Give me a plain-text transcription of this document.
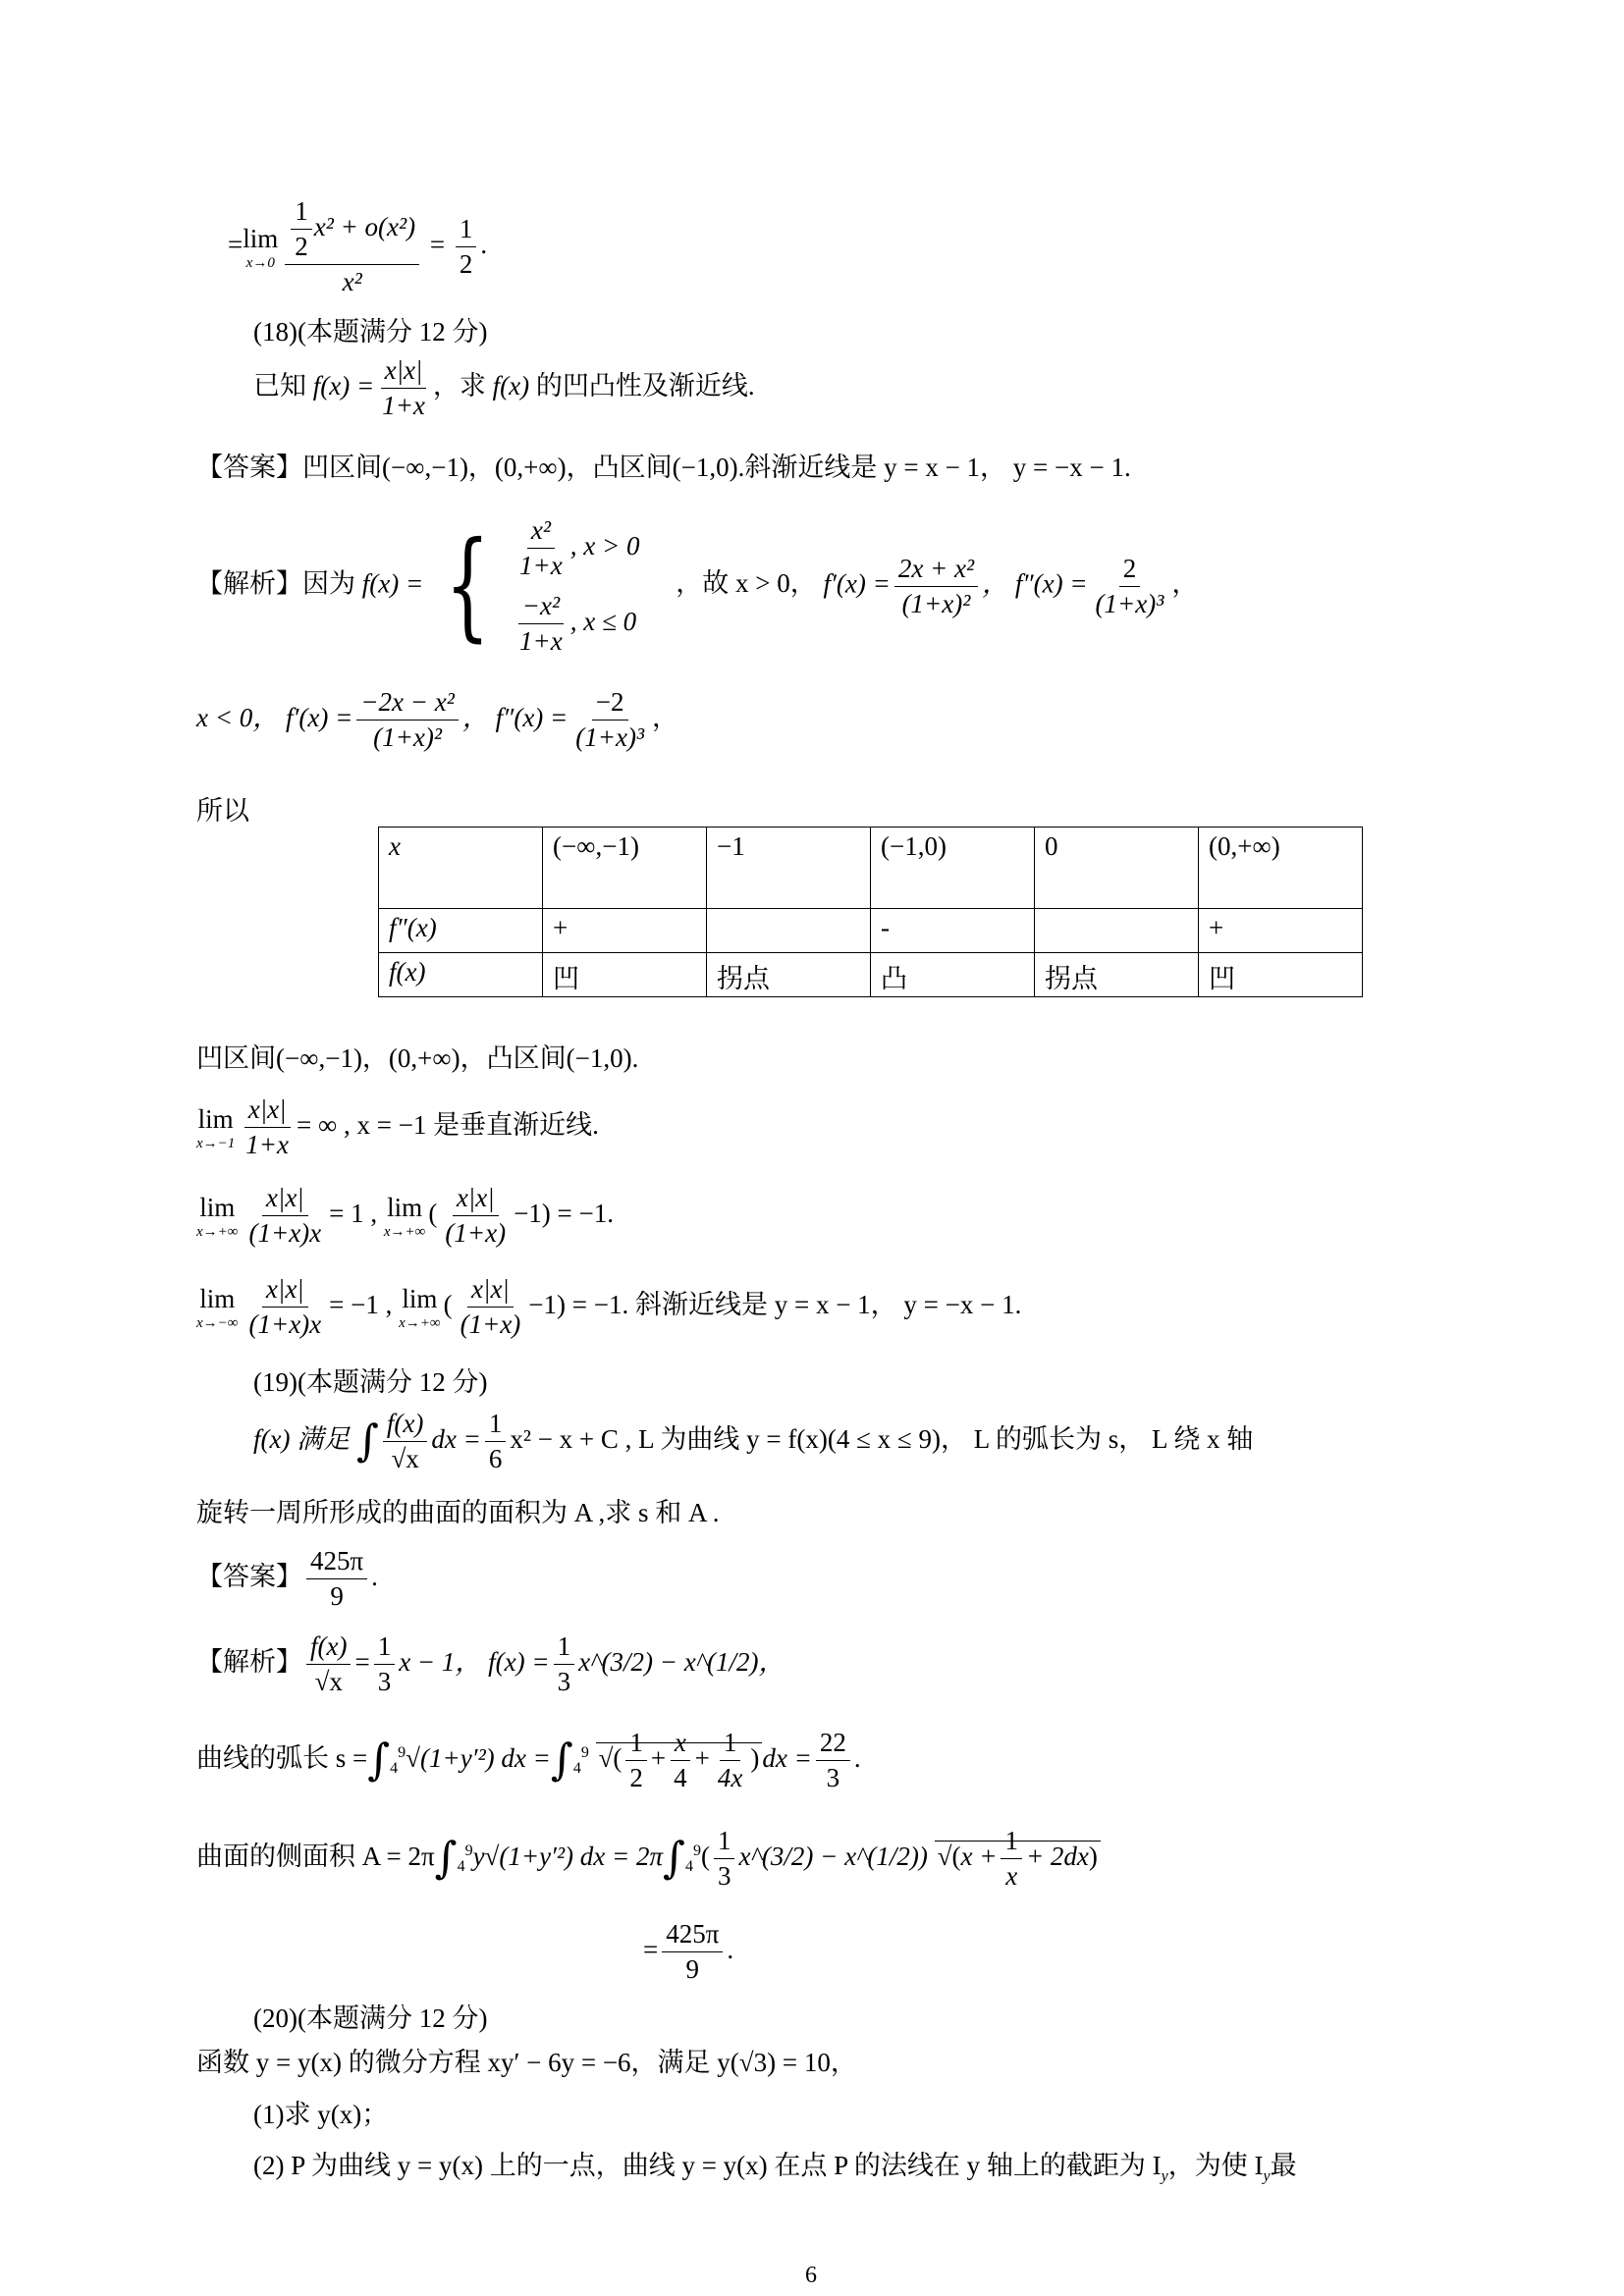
= lim
$x\to 0 \frac{\frac{1}{2} x^2 + o(x^2)}{\text{x²}} = \frac{1}{2}$ .
(18)(本题满分 12 分)
已知 $f(x) = \frac{x|x|}{1+x}$ ，求 f(x) 的凹凸性及渐近线.
【答案】凹区间(−∞,−1)，(0,+∞)，凸区间(−1,0).斜渐近线是 y = x − 1， y = −x − 1.
【解析】因为 f(x) = { $\frac{\text{x²}}{1+x}$ , x > 0
$\frac{\text{−x²}}{1+x}$ , x ≤ 0
，故 x > 0， $f'(x) = \frac{\text{2x + x²}}{\text{(1+x)²}}$ ， $f''(x) = \frac{2}{\text{(1+x)³}}$ ，
x < 0， $f'(x) = \frac{\text{−2x − x²}}{\text{(1+x)²}}$ ， $f''(x) = \frac{-2}{\text{(1+x)³}}$ ，
所以
x	(−∞,−1)	−1	(−1,0)	0	(0,+∞)
f″(x)	+		-		+
f(x)	凹	拐点	凸	拐点	凹
凹区间(−∞,−1)，(0,+∞)，凸区间(−1,0).
lim
$x\to-1 \frac{x|x|}{1+x}$ = ∞ , x = −1 是垂直渐近线.
lim
$x\to+\infty \frac{x|x|}{(1+x)x} = 1$ , lim
x→+∞
( $\frac{x|x|}{(1+x)} -1) = -1$.
lim
$x\to-\infty \frac{x|x|}{(1+x)x} = -1$ , lim
x→+∞
( $\frac{x|x|}{(1+x)} -1) = -1$. 斜渐近线是 y = x − 1， y = −x − 1.
(19)(本题满分 12 分)
f(x) 满足 ∫ $\frac{f(x)}{√x}$ dx = $\frac{1}{6} x^2 - x + C$ , L 为曲线 y = f(x)(4 ≤ x ≤ 9)， L 的弧长为 s， L 绕 x 轴
旋转一周所形成的曲面的面积为 A ,求 s 和 A .
【答案】 $\frac{425\pi}{9}$ .
【解析】 $\frac{f(x)}{√x} = \frac{1}{3}$ x − 1， $f(x) = \frac{1}{3}$ x^(3/2) − x^(1/2)，
曲线的弧长 $s =\int_4^9√(1+y'^2)$ dx $=\int_4^9$ √( $\frac{1}{2} + \frac{x}{4} + \frac{1}{4x}$ ) dx = $\frac{22}{3}$ .
曲面的侧面积 $A = 2\pi\int_4^9y√(1+y'^2)$ dx = $2\pi\int_4^9( \frac{1}{3}$ x^(3/2) − x^(1/2)) $√(x + \frac{1}{x} + 2dx)$
= $\frac{425\pi}{9}$ .
(20)(本题满分 12 分)
函数 y = y(x) 的微分方程 xy′ − 6y = −6，满足 y(√3) = 10，
(1)求 y(x)；
(2) P 为曲线 y = y(x) 上的一点，曲线 y = y(x) 在点 P 的法线在 y 轴上的截距为 $I_y$，为使 $I_y$最
6
